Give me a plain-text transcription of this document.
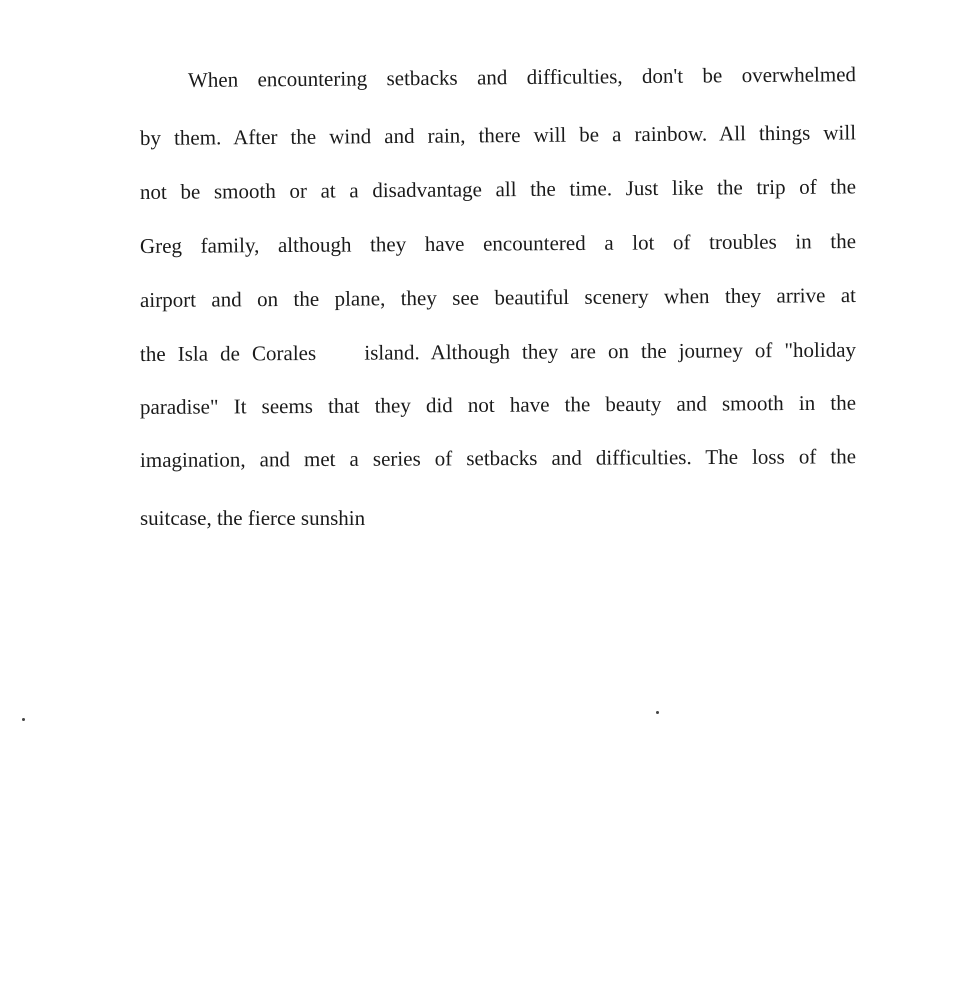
When encountering setbacks and difficulties, don't be overwhelmed
by them. After the wind and rain, there will be a rainbow. All things will
not be smooth or at a disadvantage all the time. Just like the trip of the
Greg family, although they have encountered a lot of troubles in the
airport and on the plane, they see beautiful scenery when they arrive at
the Isla de Corales    island. Although they are on the journey of "holiday
paradise" It seems that they did not have the beauty and smooth in the
imagination, and met a series of setbacks and difficulties. The loss of the
suitcase, the fierce sunshin
